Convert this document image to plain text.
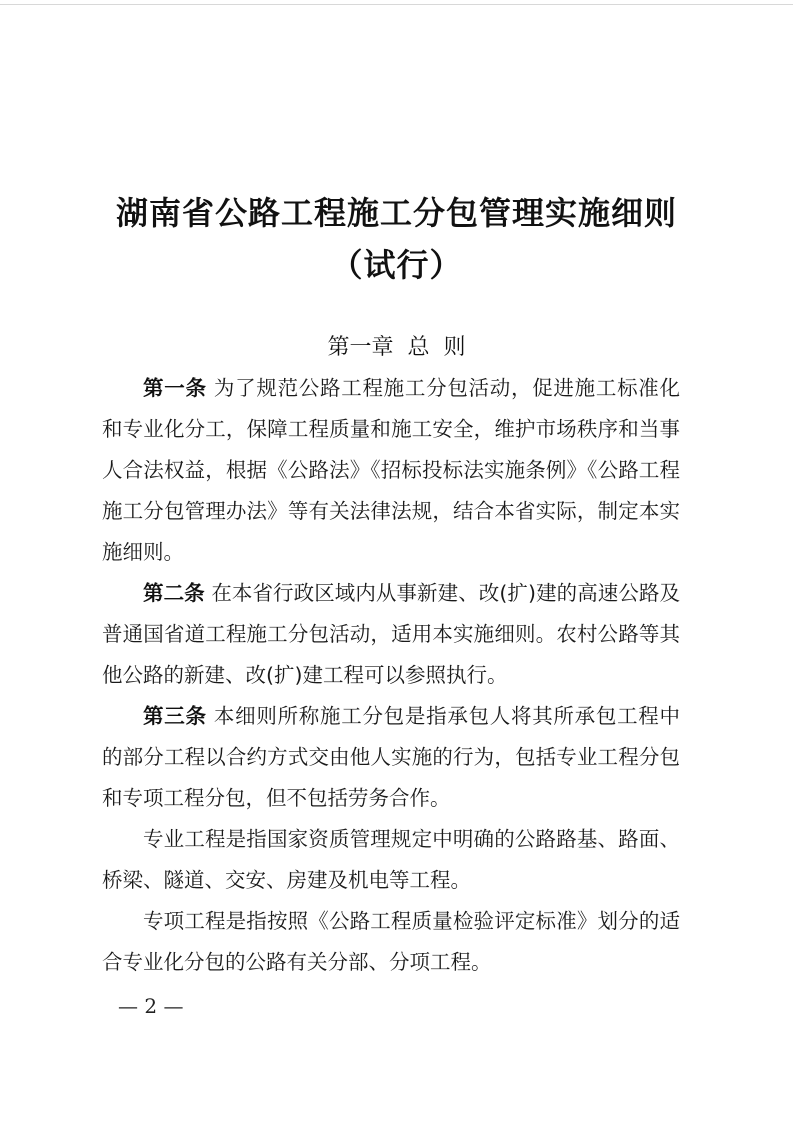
湖南省公路工程施工分包管理实施细则
（试行）
第一章  总  则

第一条 为了规范公路工程施工分包活动，促进施工标准化和专业化分工，保障工程质量和施工安全，维护市场秩序和当事人合法权益，根据《公路法》《招标投标法实施条例》《公路工程施工分包管理办法》等有关法律法规，结合本省实际，制定本实施细则。

第二条 在本省行政区域内从事新建、改(扩)建的高速公路及普通国省道工程施工分包活动，适用本实施细则。农村公路等其他公路的新建、改(扩)建工程可以参照执行。

第三条 本细则所称施工分包是指承包人将其所承包工程中的部分工程以合约方式交由他人实施的行为，包括专业工程分包和专项工程分包，但不包括劳务合作。

专业工程是指国家资质管理规定中明确的公路路基、路面、桥梁、隧道、交安、房建及机电等工程。

专项工程是指按照《公路工程质量检验评定标准》划分的适合专业化分包的公路有关分部、分项工程。

— 2 —
